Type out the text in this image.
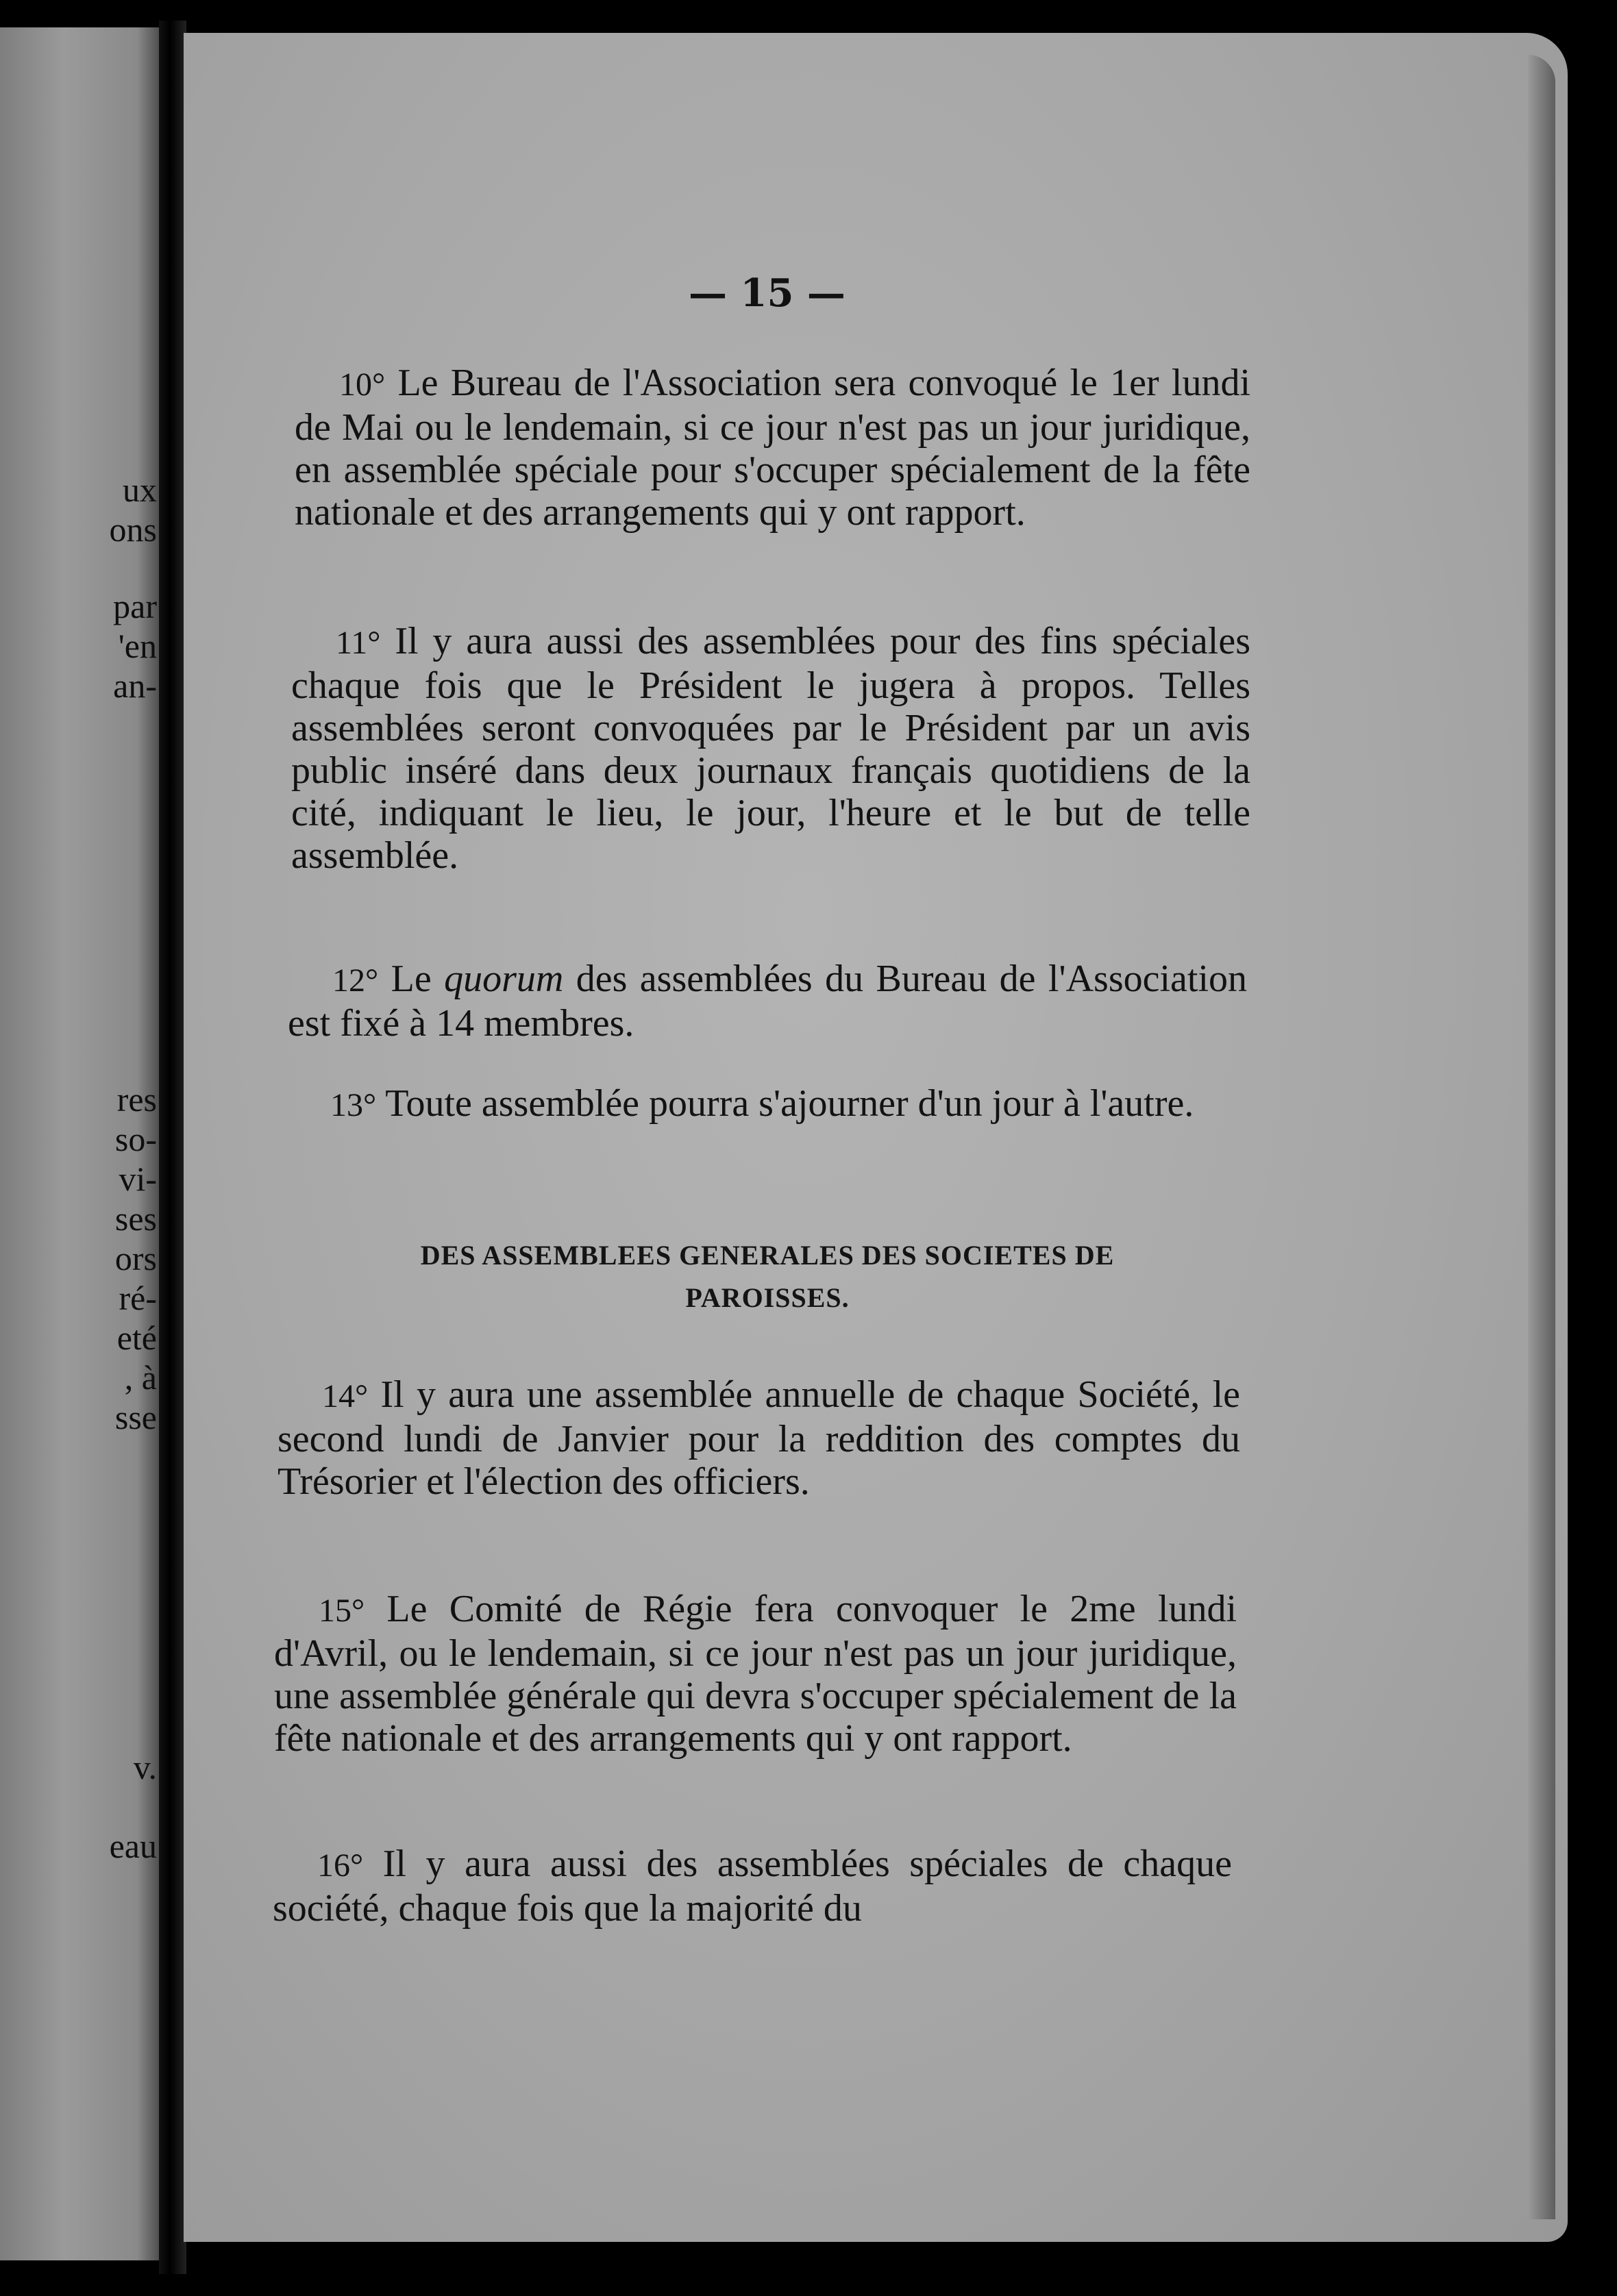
ux
ons
par
'en
an-
res
so-
vi-
ses
ors
ré-
eté
, à
sse
v.
eau
— 15 —

10° Le Bureau de l'Association sera convoqué le 1er lundi de Mai ou le lendemain, si ce jour n'est pas un jour juridique, en assemblée spéciale pour s'occuper spécialement de la fête nationale et des arrangements qui y ont rapport.

11° Il y aura aussi des assemblées pour des fins spéciales chaque fois que le Président le jugera à propos. Telles assemblées seront convoquées par le Président par un avis public inséré dans deux journaux français quotidiens de la cité, indiquant le lieu, le jour, l'heure et le but de telle assemblée.

12° Le quorum des assemblées du Bureau de l'Association est fixé à 14 membres.

13° Toute assemblée pourra s'ajourner d'un jour à l'autre.

DES ASSEMBLEES GENERALES DES SOCIETES DE PAROISSES.

14° Il y aura une assemblée annuelle de chaque Société, le second lundi de Janvier pour la reddition des comptes du Trésorier et l'élection des officiers.

15° Le Comité de Régie fera convoquer le 2me lundi d'Avril, ou le lendemain, si ce jour n'est pas un jour juridique, une assemblée générale qui devra s'occuper spécialement de la fête nationale et des arrangements qui y ont rapport.

16° Il y aura aussi des assemblées spéciales de chaque société, chaque fois que la majorité du
